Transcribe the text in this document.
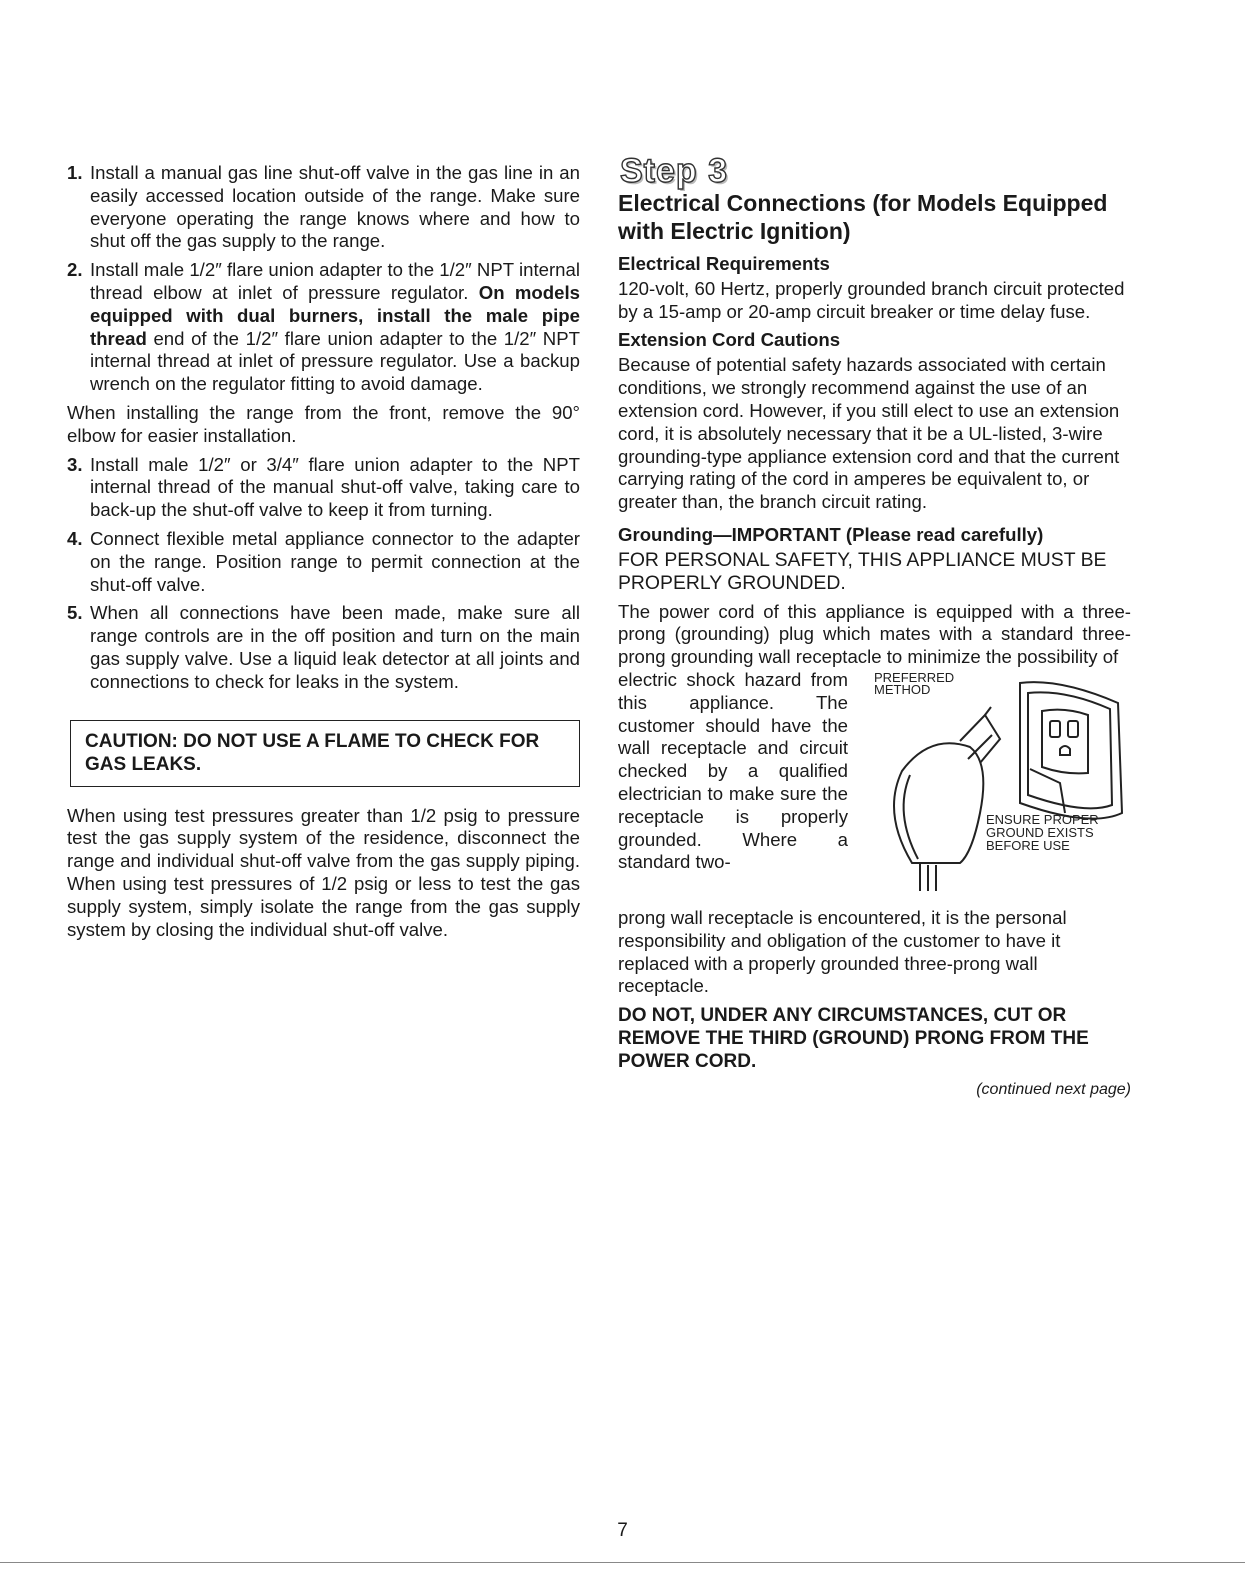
1. Install a manual gas line shut-off valve in the gas line in an easily accessed location outside of the range. Make sure everyone operating the range knows where and how to shut off the gas supply to the range.
2. Install male 1/2″ flare union adapter to the 1/2″ NPT internal thread elbow at inlet of pressure regulator. On models equipped with dual burners, install the male pipe thread end of the 1/2″ flare union adapter to the 1/2″ NPT internal thread at inlet of pressure regulator. Use a backup wrench on the regulator fitting to avoid damage.

When installing the range from the front, remove the 90° elbow for easier installation.

3. Install male 1/2″ or 3/4″ flare union adapter to the NPT internal thread of the manual shut-off valve, taking care to back-up the shut-off valve to keep it from turning.
4. Connect flexible metal appliance connector to the adapter on the range. Position range to permit connection at the shut-off valve.
5. When all connections have been made, make sure all range controls are in the off position and turn on the main gas supply valve. Use a liquid leak detector at all joints and connections to check for leaks in the system.
CAUTION: DO NOT USE A FLAME TO CHECK FOR GAS LEAKS.

When using test pressures greater than 1/2 psig to pressure test the gas supply system of the residence, disconnect the range and individual shut-off valve from the gas supply piping. When using test pressures of 1/2 psig or less to test the gas supply system, simply isolate the range from the gas supply system by closing the individual shut-off valve.

Step 3
Electrical Connections (for Models Equipped with Electric Ignition)
Electrical Requirements

120-volt, 60 Hertz, properly grounded branch circuit protected by a 15-amp or 20-amp circuit breaker or time delay fuse.

Extension Cord Cautions

Because of potential safety hazards associated with certain conditions, we strongly recommend against the use of an extension cord. However, if you still elect to use an extension cord, it is absolutely necessary that it be a UL-listed, 3-wire grounding-type appliance extension cord and that the current carrying rating of the cord in amperes be equivalent to, or greater than, the branch circuit rating.

Grounding—IMPORTANT (Please read carefully)

FOR PERSONAL SAFETY, THIS APPLIANCE MUST BE PROPERLY GROUNDED.

The power cord of this appliance is equipped with a three-prong (grounding) plug which mates with a standard three-prong grounding wall receptacle to minimize the possibility of

electric shock hazard from this appliance. The customer should have the wall receptacle and circuit checked by a qualified electrician to make sure the receptacle is properly grounded. Where a standard two-
PREFERRED
METHOD
ENSURE PROPER
GROUND EXISTS
BEFORE USE

prong wall receptacle is encountered, it is the personal responsibility and obligation of the customer to have it replaced with a properly grounded three-prong wall receptacle.

DO NOT, UNDER ANY CIRCUMSTANCES, CUT OR REMOVE THE THIRD (GROUND) PRONG FROM THE POWER CORD.
(continued next page)
7
